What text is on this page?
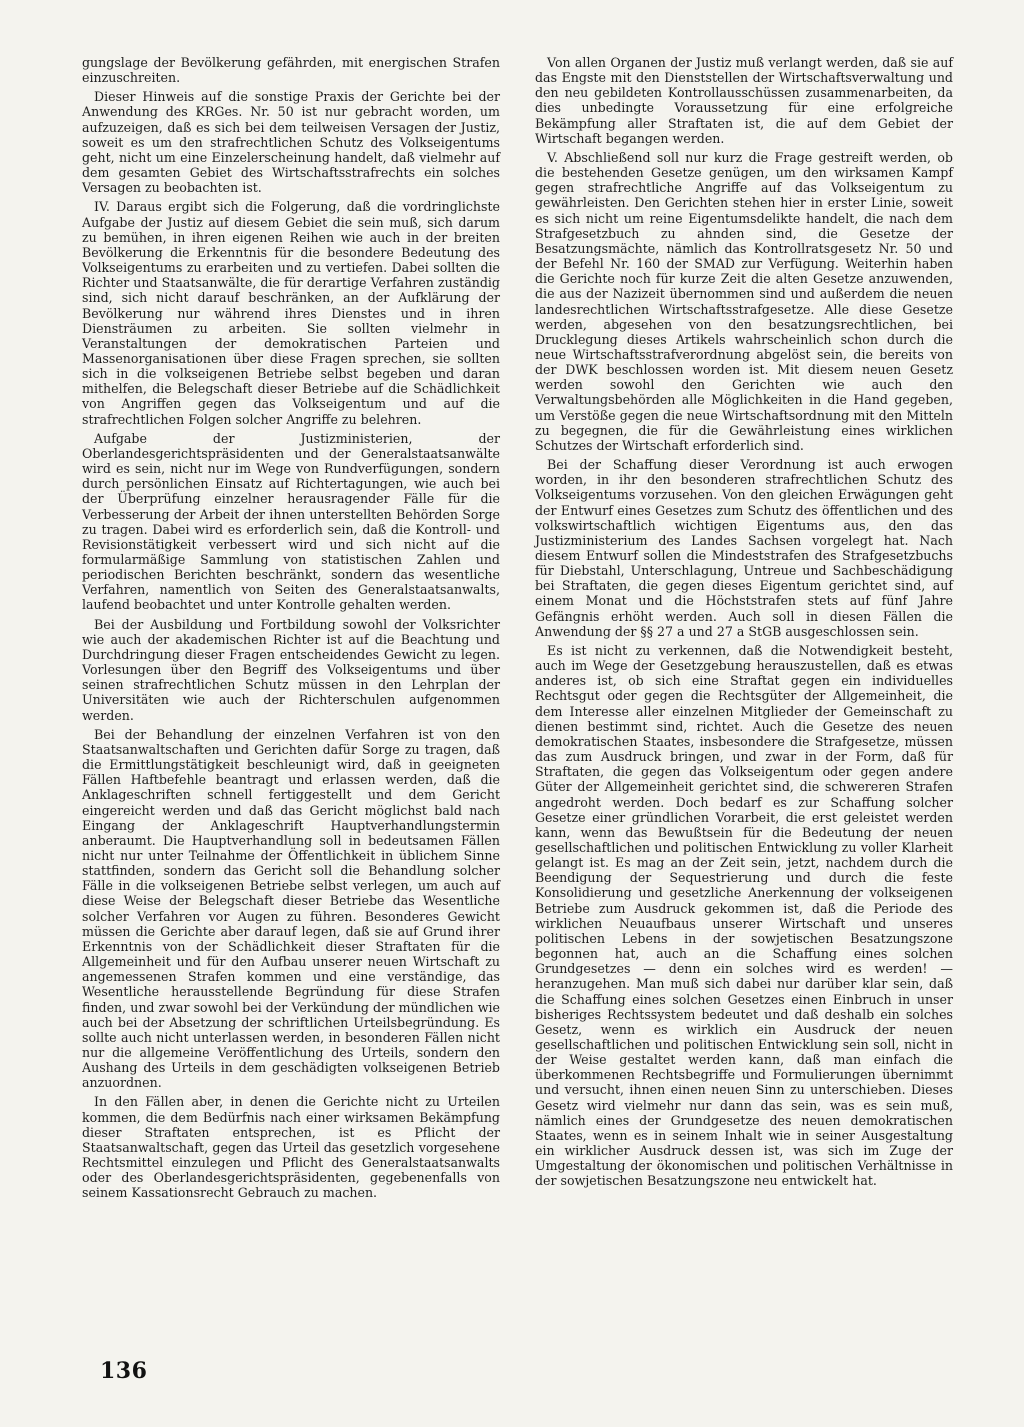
gungslage der Bevölkerung gefährden, mit energischen Strafen einzuschreiten.

Dieser Hinweis auf die sonstige Praxis der Gerichte bei der Anwendung des KRGes. Nr. 50 ist nur gebracht worden, um aufzuzeigen, daß es sich bei dem teilweisen Versagen der Justiz, soweit es um den strafrechtlichen Schutz des Volkseigentums geht, nicht um eine Einzelerscheinung handelt, daß vielmehr auf dem gesamten Gebiet des Wirtschaftsstrafrechts ein solches Versagen zu beobachten ist.

IV. Daraus ergibt sich die Folgerung, daß die vordringlichste Aufgabe der Justiz auf diesem Gebiet die sein muß, sich darum zu bemühen, in ihren eigenen Reihen wie auch in der breiten Bevölkerung die Erkenntnis für die besondere Bedeutung des Volkseigentums zu erarbeiten und zu vertiefen. Dabei sollten die Richter und Staatsanwälte, die für derartige Verfahren zuständig sind, sich nicht darauf beschränken, an der Aufklärung der Bevölkerung nur während ihres Dienstes und in ihren Diensträumen zu arbeiten. Sie sollten vielmehr in Veranstaltungen der demokratischen Parteien und Massenorganisationen über diese Fragen sprechen, sie sollten sich in die volkseigenen Betriebe selbst begeben und daran mithelfen, die Belegschaft dieser Betriebe auf die Schädlichkeit von Angriffen gegen das Volkseigentum und auf die strafrechtlichen Folgen solcher Angriffe zu belehren.

Aufgabe der Justizministerien, der Oberlandesgerichtspräsidenten und der Generalstaatsanwälte wird es sein, nicht nur im Wege von Rundverfügungen, sondern durch persönlichen Einsatz auf Richtertagungen, wie auch bei der Überprüfung einzelner herausragender Fälle für die Verbesserung der Arbeit der ihnen unterstellten Behörden Sorge zu tragen. Dabei wird es erforderlich sein, daß die Kontroll- und Revisionstätigkeit verbessert wird und sich nicht auf die formularmäßige Sammlung von statistischen Zahlen und periodischen Berichten beschränkt, sondern das wesentliche Verfahren, namentlich von Seiten des Generalstaatsanwalts, laufend beobachtet und unter Kontrolle gehalten werden.

Bei der Ausbildung und Fortbildung sowohl der Volksrichter wie auch der akademischen Richter ist auf die Beachtung und Durchdringung dieser Fragen entscheidendes Gewicht zu legen. Vorlesungen über den Begriff des Volkseigentums und über seinen strafrechtlichen Schutz müssen in den Lehrplan der Universitäten wie auch der Richterschulen aufgenommen werden.

Bei der Behandlung der einzelnen Verfahren ist von den Staatsanwaltschaften und Gerichten dafür Sorge zu tragen, daß die Ermittlungstätigkeit beschleunigt wird, daß in geeigneten Fällen Haftbefehle beantragt und erlassen werden, daß die Anklageschriften schnell fertiggestellt und dem Gericht eingereicht werden und daß das Gericht möglichst bald nach Eingang der Anklageschrift Hauptverhandlungstermin anberaumt. Die Hauptverhandlung soll in bedeutsamen Fällen nicht nur unter Teilnahme der Öffentlichkeit in üblichem Sinne stattfinden, sondern das Gericht soll die Behandlung solcher Fälle in die volkseigenen Betriebe selbst verlegen, um auch auf diese Weise der Belegschaft dieser Betriebe das Wesentliche solcher Verfahren vor Augen zu führen. Besonderes Gewicht müssen die Gerichte aber darauf legen, daß sie auf Grund ihrer Erkenntnis von der Schädlichkeit dieser Straftaten für die Allgemeinheit und für den Aufbau unserer neuen Wirtschaft zu angemessenen Strafen kommen und eine verständige, das Wesentliche herausstellende Begründung für diese Strafen finden, und zwar sowohl bei der Verkündung der mündlichen wie auch bei der Absetzung der schriftlichen Urteilsbegründung. Es sollte auch nicht unterlassen werden, in besonderen Fällen nicht nur die allgemeine Veröffentlichung des Urteils, sondern den Aushang des Urteils in dem geschädigten volkseigenen Betrieb anzuordnen.

In den Fällen aber, in denen die Gerichte nicht zu Urteilen kommen, die dem Bedürfnis nach einer wirksamen Bekämpfung dieser Straftaten entsprechen, ist es Pflicht der Staatsanwaltschaft, gegen das Urteil das gesetzlich vorgesehene Rechtsmittel einzulegen und Pflicht des Generalstaatsanwalts oder des Oberlandesgerichtspräsidenten, gegebenenfalls von seinem Kassationsrecht Gebrauch zu machen.

Von allen Organen der Justiz muß verlangt werden, daß sie auf das Engste mit den Dienststellen der Wirtschaftsverwaltung und den neu gebildeten Kontrollausschüssen zusammenarbeiten, da dies unbedingte Voraussetzung für eine erfolgreiche Bekämpfung aller Straftaten ist, die auf dem Gebiet der Wirtschaft begangen werden.

V. Abschließend soll nur kurz die Frage gestreift werden, ob die bestehenden Gesetze genügen, um den wirksamen Kampf gegen strafrechtliche Angriffe auf das Volkseigentum zu gewährleisten. Den Gerichten stehen hier in erster Linie, soweit es sich nicht um reine Eigentumsdelikte handelt, die nach dem Strafgesetzbuch zu ahnden sind, die Gesetze der Besatzungsmächte, nämlich das Kontrollratsgesetz Nr. 50 und der Befehl Nr. 160 der SMAD zur Verfügung. Weiterhin haben die Gerichte noch für kurze Zeit die alten Gesetze anzuwenden, die aus der Nazizeit übernommen sind und außerdem die neuen landesrechtlichen Wirtschaftsstrafgesetze. Alle diese Gesetze werden, abgesehen von den besatzungsrechtlichen, bei Drucklegung dieses Artikels wahrscheinlich schon durch die neue Wirtschaftsstrafverordnung abgelöst sein, die bereits von der DWK beschlossen worden ist. Mit diesem neuen Gesetz werden sowohl den Gerichten wie auch den Verwaltungsbehörden alle Möglichkeiten in die Hand gegeben, um Verstöße gegen die neue Wirtschaftsordnung mit den Mitteln zu begegnen, die für die Gewährleistung eines wirklichen Schutzes der Wirtschaft erforderlich sind.

Bei der Schaffung dieser Verordnung ist auch erwogen worden, in ihr den besonderen strafrechtlichen Schutz des Volkseigentums vorzusehen. Von den gleichen Erwägungen geht der Entwurf eines Gesetzes zum Schutz des öffentlichen und des volkswirtschaftlich wichtigen Eigentums aus, den das Justizministerium des Landes Sachsen vorgelegt hat. Nach diesem Entwurf sollen die Mindeststrafen des Strafgesetzbuchs für Diebstahl, Unterschlagung, Untreue und Sachbeschädigung bei Straftaten, die gegen dieses Eigentum gerichtet sind, auf einem Monat und die Höchststrafen stets auf fünf Jahre Gefängnis erhöht werden. Auch soll in diesen Fällen die Anwendung der §§ 27 a und 27 a StGB ausgeschlossen sein.

Es ist nicht zu verkennen, daß die Notwendigkeit besteht, auch im Wege der Gesetzgebung herauszustellen, daß es etwas anderes ist, ob sich eine Straftat gegen ein individuelles Rechtsgut oder gegen die Rechtsgüter der Allgemeinheit, die dem Interesse aller einzelnen Mitglieder der Gemeinschaft zu dienen bestimmt sind, richtet. Auch die Gesetze des neuen demokratischen Staates, insbesondere die Strafgesetze, müssen das zum Ausdruck bringen, und zwar in der Form, daß für Straftaten, die gegen das Volkseigentum oder gegen andere Güter der Allgemeinheit gerichtet sind, die schwereren Strafen angedroht werden. Doch bedarf es zur Schaffung solcher Gesetze einer gründlichen Vorarbeit, die erst geleistet werden kann, wenn das Bewußtsein für die Bedeutung der neuen gesellschaftlichen und politischen Entwicklung zu voller Klarheit gelangt ist. Es mag an der Zeit sein, jetzt, nachdem durch die Beendigung der Sequestrierung und durch die feste Konsolidierung und gesetzliche Anerkennung der volkseigenen Betriebe zum Ausdruck gekommen ist, daß die Periode des wirklichen Neuaufbaus unserer Wirtschaft und unseres politischen Lebens in der sowjetischen Besatzungszone begonnen hat, auch an die Schaffung eines solchen Grundgesetzes — denn ein solches wird es werden! — heranzugehen. Man muß sich dabei nur darüber klar sein, daß die Schaffung eines solchen Gesetzes einen Einbruch in unser bisheriges Rechtssystem bedeutet und daß deshalb ein solches Gesetz, wenn es wirklich ein Ausdruck der neuen gesellschaftlichen und politischen Entwicklung sein soll, nicht in der Weise gestaltet werden kann, daß man einfach die überkommenen Rechtsbegriffe und Formulierungen übernimmt und versucht, ihnen einen neuen Sinn zu unterschieben. Dieses Gesetz wird vielmehr nur dann das sein, was es sein muß, nämlich eines der Grundgesetze des neuen demokratischen Staates, wenn es in seinem Inhalt wie in seiner Ausgestaltung ein wirklicher Ausdruck dessen ist, was sich im Zuge der Umgestaltung der ökonomischen und politischen Verhältnisse in der sowjetischen Besatzungszone neu entwickelt hat.

136
